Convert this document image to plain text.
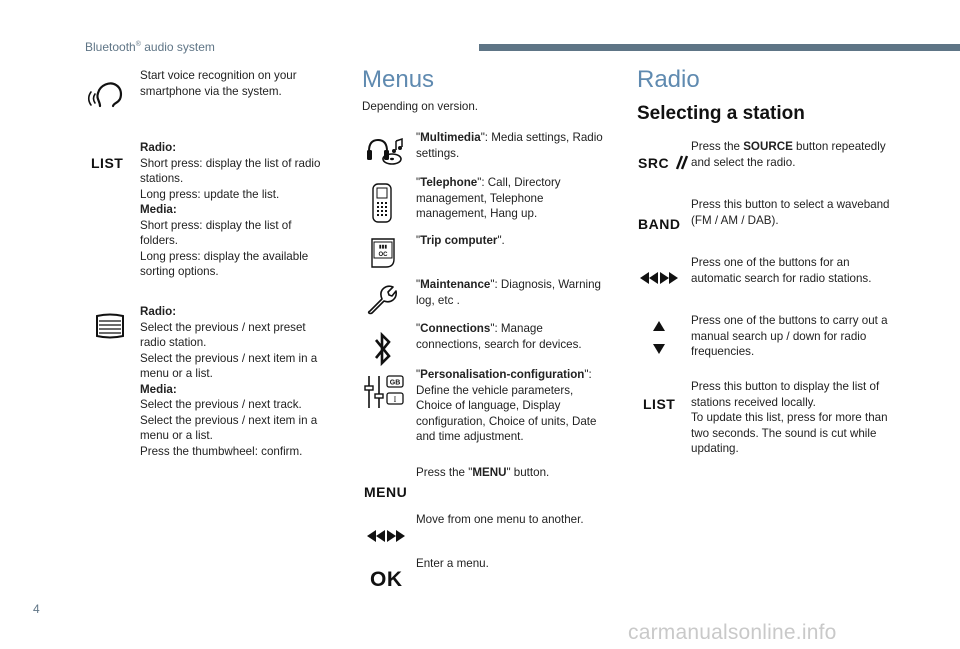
Bluetooth® audio system
Start voice recognition on your smartphone via the system.
LIST
Radio:
Short press: display the list of radio stations.
Long press: update the list.
Media:
Short press: display the list of folders.
Long press: display the available sorting options.
Radio:
Select the previous / next preset radio station.
Select the previous / next item in a menu or a list.
Media:
Select the previous / next track.
Select the previous / next item in a menu or a list.
Press the thumbwheel: confirm.
Menus
Depending on version.
"Multimedia": Media settings, Radio settings.
"Telephone": Call, Directory management, Telephone management, Hang up.
▮▮▮
OC
"Trip computer".
"Maintenance": Diagnosis, Warning log, etc .
"Connections": Manage connections, search for devices.
GB
I
"Personalisation-configuration": Define the vehicle parameters, Choice of language, Display configuration, Choice of units, Date and time adjustment.
MENU
Press the "MENU" button.
Move from one menu to another.
OK
Enter a menu.
Radio
Selecting a station
SRC
Press the SOURCE button repeatedly and select the radio.
BAND
Press this button to select a waveband (FM / AM / DAB).
Press one of the buttons for an automatic search for radio stations.
Press one of the buttons to carry out a manual search up / down for radio frequencies.
LIST
Press this button to display the list of stations received locally.
To update this list, press for more than two seconds. The sound is cut while updating.
4
carmanualsonline.info
